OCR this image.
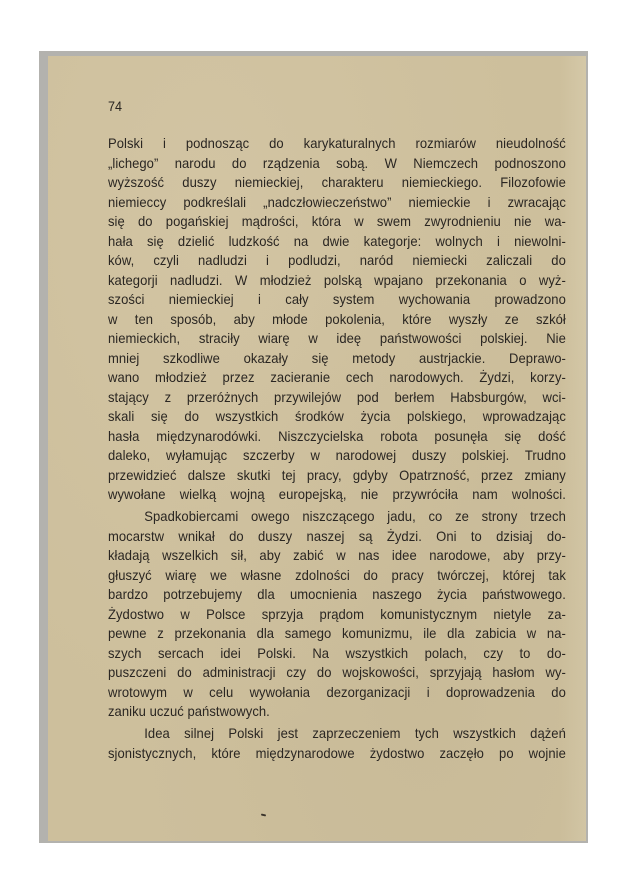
74
Polski i podnosząc do karykaturalnych rozmiarów nieudolność
„lichego” narodu do rządzenia sobą. W Niemczech podnoszono
wyższość duszy niemieckiej, charakteru niemieckiego. Filozofowie
niemieccy podkreślali „nadczłowieczeństwo” niemieckie i zwracając
się do pogańskiej mądrości, która w swem zwyrodnieniu nie wa-
hała się dzielić ludzkość na dwie kategorje: wolnych i niewolni-
ków, czyli nadludzi i podludzi, naród niemiecki zaliczali do
kategorji nadludzi. W młodzież polską wpajano przekonania o wyż-
szości niemieckiej i cały system wychowania prowadzono
w ten sposób, aby młode pokolenia, które wyszły ze szkół
niemieckich, straciły wiarę w ideę państwowości polskiej. Nie
mniej szkodliwe okazały się metody austrjackie. Deprawo-
wano młodzież przez zacieranie cech narodowych. Żydzi, korzy-
stający z przeróżnych przywilejów pod berłem Habsburgów, wci-
skali się do wszystkich środków życia polskiego, wprowadzając
hasła międzynarodówki. Niszczycielska robota posunęła się dość
daleko, wyłamując szczerby w narodowej duszy polskiej. Trudno
przewidzieć dalsze skutki tej pracy, gdyby Opatrzność, przez zmiany
wywołane wielką wojną europejską, nie przywróciła nam wolności.
Spadkobiercami owego niszczącego jadu, co ze strony trzech
mocarstw wnikał do duszy naszej są Żydzi. Oni to dzisiaj do-
kładają wszelkich sił, aby zabić w nas idee narodowe, aby przy-
głuszyć wiarę we własne zdolności do pracy twórczej, której tak
bardzo potrzebujemy dla umocnienia naszego życia państwowego.
Żydostwo w Polsce sprzyja prądom komunistycznym nietyle za-
pewne z przekonania dla samego komunizmu, ile dla zabicia w na-
szych sercach idei Polski. Na wszystkich polach, czy to do-
puszczeni do administracji czy do wojskowości, sprzyjają hasłom wy-
wrotowym w celu wywołania dezorganizacji i doprowadzenia do
zaniku uczuć państwowych.
Idea silnej Polski jest zaprzeczeniem tych wszystkich dążeń
sjonistycznych, które międzynarodowe żydostwo zaczęło po wojnie
